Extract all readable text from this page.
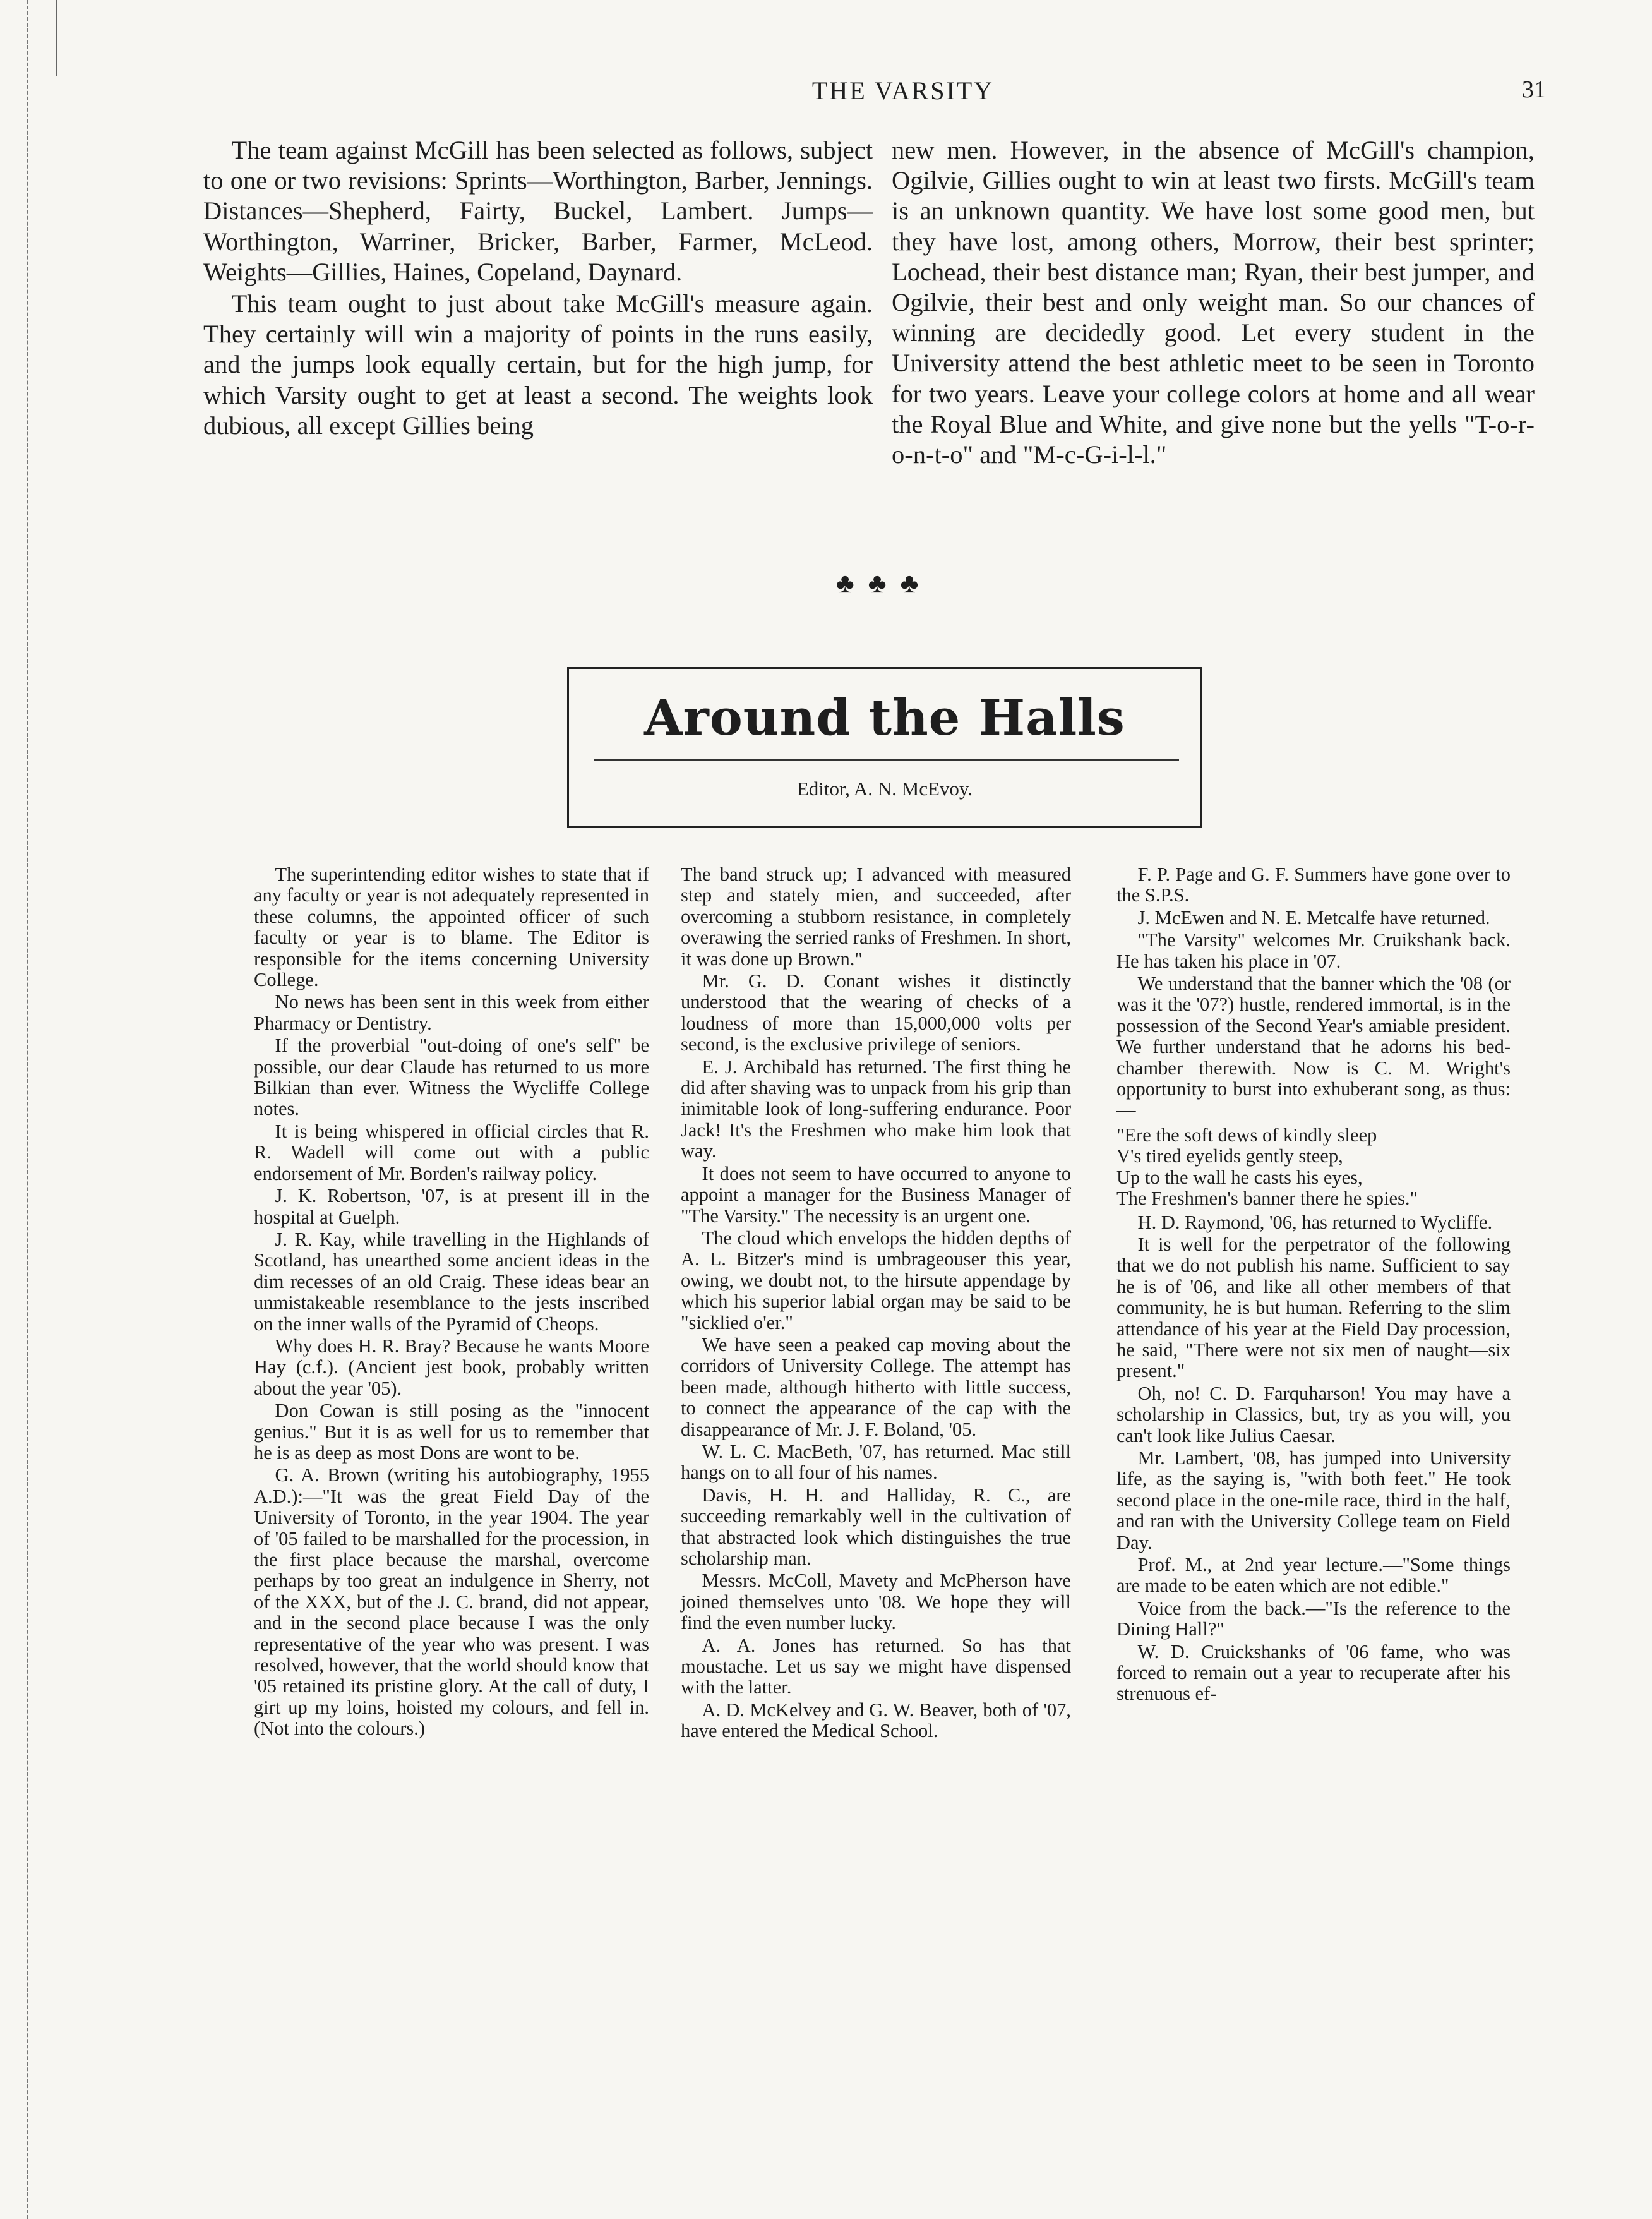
THE VARSITY	31

The team against McGill has been selected as follows, subject to one or two revisions: Sprints—Worthington, Barber, Jennings. Distances—Shepherd, Fairty, Buckel, Lambert. Jumps—Worthington, Warriner, Bricker, Barber, Farmer, McLeod. Weights—Gillies, Haines, Copeland, Daynard.

This team ought to just about take McGill's measure again. They certainly will win a majority of points in the runs easily, and the jumps look equally certain, but for the high jump, for which Varsity ought to get at least a second. The weights look dubious, all except Gillies being

new men. However, in the absence of McGill's champion, Ogilvie, Gillies ought to win at least two firsts. McGill's team is an unknown quantity. We have lost some good men, but they have lost, among others, Morrow, their best sprinter; Lochead, their best distance man; Ryan, their best jumper, and Ogilvie, their best and only weight man. So our chances of winning are decidedly good. Let every student in the University attend the best athletic meet to be seen in Toronto for two years. Leave your college colors at home and all wear the Royal Blue and White, and give none but the yells "T-o-r-o-n-t-o" and "M-c-G-i-l-l."

♣♣♣
Around the Halls
Editor, A. N. McEvoy.

The superintending editor wishes to state that if any faculty or year is not adequately represented in these columns, the appointed officer of such faculty or year is to blame. The Editor is responsible for the items concerning University College.

No news has been sent in this week from either Pharmacy or Dentistry.

If the proverbial "out-doing of one's self" be possible, our dear Claude has returned to us more Bilkian than ever. Witness the Wycliffe College notes.

It is being whispered in official circles that R. R. Wadell will come out with a public endorsement of Mr. Borden's railway policy.

J. K. Robertson, '07, is at present ill in the hospital at Guelph.

J. R. Kay, while travelling in the Highlands of Scotland, has unearthed some ancient ideas in the dim recesses of an old Craig. These ideas bear an unmistakeable resemblance to the jests inscribed on the inner walls of the Pyramid of Cheops.

Why does H. R. Bray? Because he wants Moore Hay (c.f.). (Ancient jest book, probably written about the year '05).

Don Cowan is still posing as the "innocent genius." But it is as well for us to remember that he is as deep as most Dons are wont to be.

G. A. Brown (writing his autobiography, 1955 A.D.):—"It was the great Field Day of the University of Toronto, in the year 1904. The year of '05 failed to be marshalled for the procession, in the first place because the marshal, overcome perhaps by too great an indulgence in Sherry, not of the XXX, but of the J. C. brand, did not appear, and in the second place because I was the only representative of the year who was present. I was resolved, however, that the world should know that '05 retained its pristine glory. At the call of duty, I girt up my loins, hoisted my colours, and fell in. (Not into the colours.)

The band struck up; I advanced with measured step and stately mien, and succeeded, after overcoming a stubborn resistance, in completely overawing the serried ranks of Freshmen. In short, it was done up Brown."

Mr. G. D. Conant wishes it distinctly understood that the wearing of checks of a loudness of more than 15,000,000 volts per second, is the exclusive privilege of seniors.

E. J. Archibald has returned. The first thing he did after shaving was to unpack from his grip than inimitable look of long-suffering endurance. Poor Jack! It's the Freshmen who make him look that way.

It does not seem to have occurred to anyone to appoint a manager for the Business Manager of "The Varsity." The necessity is an urgent one.

The cloud which envelops the hidden depths of A. L. Bitzer's mind is umbrageouser this year, owing, we doubt not, to the hirsute appendage by which his superior labial organ may be said to be "sicklied o'er."

We have seen a peaked cap moving about the corridors of University College. The attempt has been made, although hitherto with little success, to connect the appearance of the cap with the disappearance of Mr. J. F. Boland, '05.

W. L. C. MacBeth, '07, has returned. Mac still hangs on to all four of his names.

Davis, H. H. and Halliday, R. C., are succeeding remarkably well in the cultivation of that abstracted look which distinguishes the true scholarship man.

Messrs. McColl, Mavety and McPherson have joined themselves unto '08. We hope they will find the even number lucky.

A. A. Jones has returned. So has that moustache. Let us say we might have dispensed with the latter.

A. D. McKelvey and G. W. Beaver, both of '07, have entered the Medical School.

F. P. Page and G. F. Summers have gone over to the S.P.S.

J. McEwen and N. E. Metcalfe have returned.

"The Varsity" welcomes Mr. Cruikshank back. He has taken his place in '07.

We understand that the banner which the '08 (or was it the '07?) hustle, rendered immortal, is in the possession of the Second Year's amiable president. We further understand that he adorns his bed-chamber therewith. Now is C. M. Wright's opportunity to burst into exhuberant song, as thus:—

"Ere the soft dews of kindly sleep

V's tired eyelids gently steep,

Up to the wall he casts his eyes,

The Freshmen's banner there he spies."

H. D. Raymond, '06, has returned to Wycliffe.

It is well for the perpetrator of the following that we do not publish his name. Sufficient to say he is of '06, and like all other members of that community, he is but human. Referring to the slim attendance of his year at the Field Day procession, he said, "There were not six men of naught—six present."

Oh, no! C. D. Farquharson! You may have a scholarship in Classics, but, try as you will, you can't look like Julius Caesar.

Mr. Lambert, '08, has jumped into University life, as the saying is, "with both feet." He took second place in the one-mile race, third in the half, and ran with the University College team on Field Day.

Prof. M., at 2nd year lecture.—"Some things are made to be eaten which are not edible."

Voice from the back.—"Is the reference to the Dining Hall?"

W. D. Cruickshanks of '06 fame, who was forced to remain out a year to recuperate after his strenuous ef-
